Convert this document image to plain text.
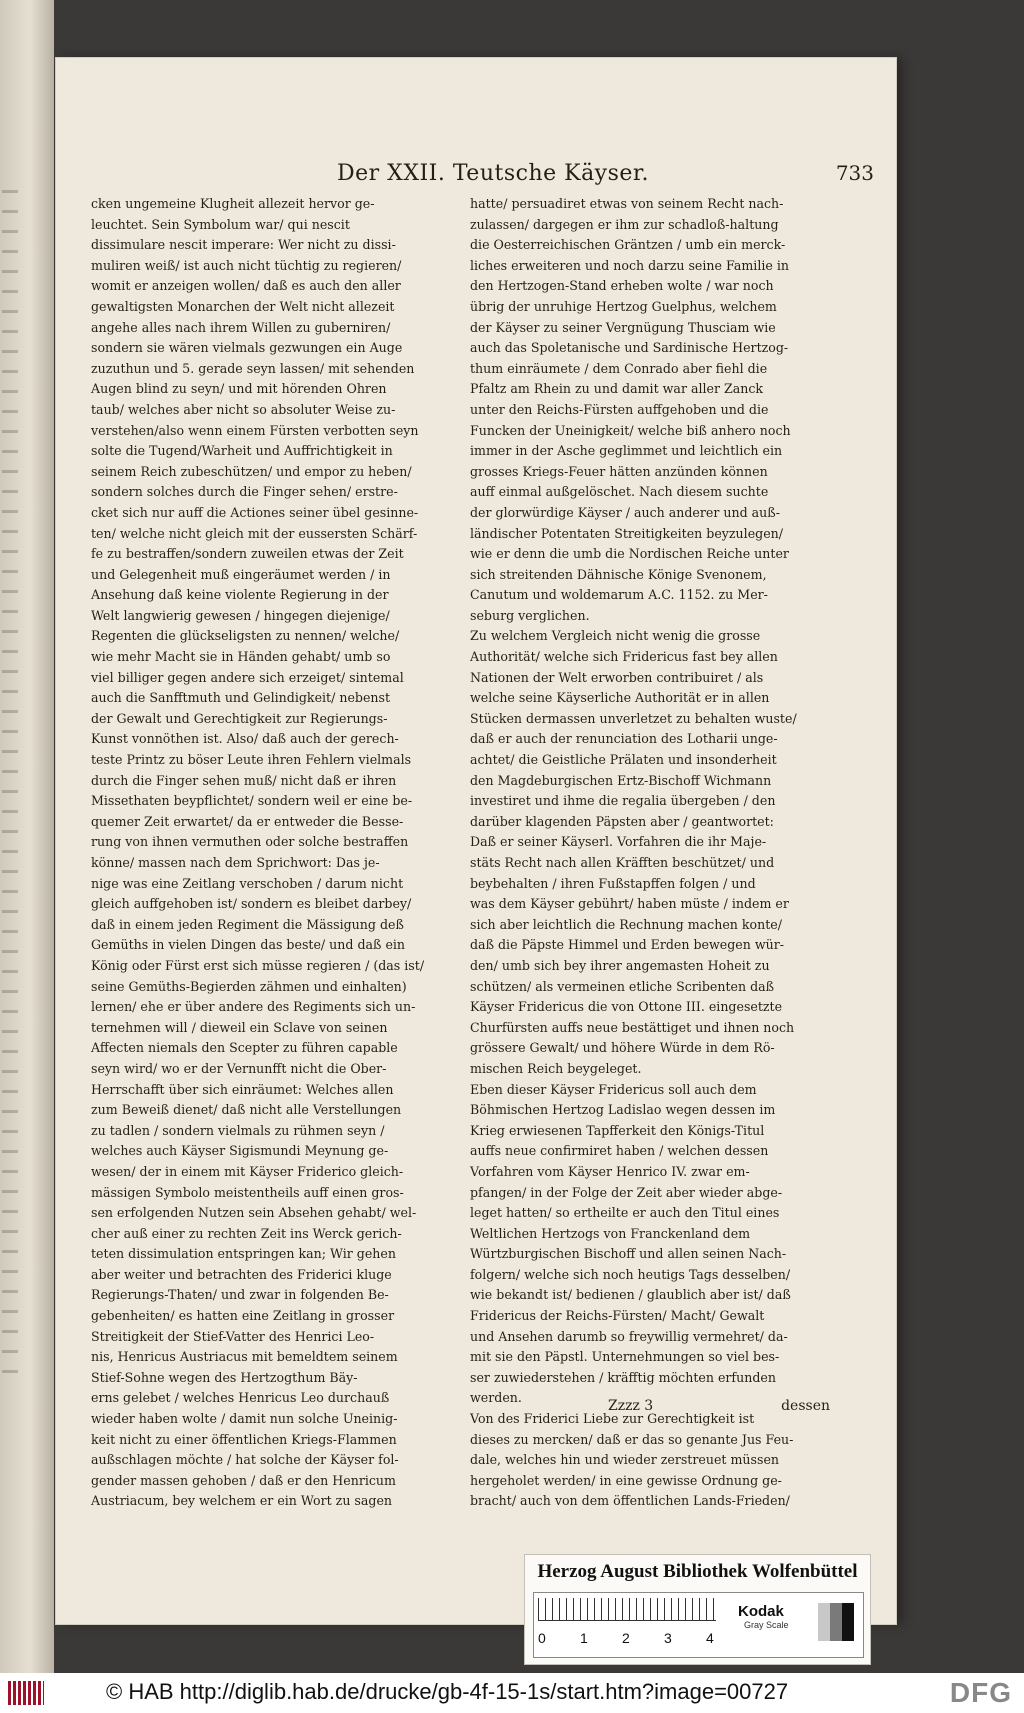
Der XXII. Teutsche Käyser.	733

cken ungemeine Klugheit allezeit hervor ge-

leuchtet. Sein Symbolum war/ qui nescit

dissimulare nescit imperare: Wer nicht zu dissi-

muliren weiß/ ist auch nicht tüchtig zu regieren/

womit er anzeigen wollen/ daß es auch den aller

gewaltigsten Monarchen der Welt nicht allezeit

angehe alles nach ihrem Willen zu guberniren/

sondern sie wären vielmals gezwungen ein Auge

zuzuthun und 5. gerade seyn lassen/ mit sehenden

Augen blind zu seyn/ und mit hörenden Ohren

taub/ welches aber nicht so absoluter Weise zu-

verstehen/also wenn einem Fürsten verbotten seyn

solte die Tugend/Warheit und Auffrichtigkeit in

seinem Reich zubeschützen/ und empor zu heben/

sondern solches durch die Finger sehen/ erstre-

cket sich nur auff die Actiones seiner übel gesinne-

ten/ welche nicht gleich mit der eussersten Schärf-

fe zu bestraffen/sondern zuweilen etwas der Zeit

und Gelegenheit muß eingeräumet werden / in

Ansehung daß keine violente Regierung in der

Welt langwierig gewesen / hingegen diejenige/

Regenten die glückseligsten zu nennen/ welche/

wie mehr Macht sie in Händen gehabt/ umb so

viel billiger gegen andere sich erzeiget/ sintemal

auch die Sanfftmuth und Gelindigkeit/ nebenst

der Gewalt und Gerechtigkeit zur Regierungs-

Kunst vonnöthen ist. Also/ daß auch der gerech-

teste Printz zu böser Leute ihren Fehlern vielmals

durch die Finger sehen muß/ nicht daß er ihren

Missethaten beypflichtet/ sondern weil er eine be-

quemer Zeit erwartet/ da er entweder die Besse-

rung von ihnen vermuthen oder solche bestraffen

könne/ massen nach dem Sprichwort: Das je-

nige was eine Zeitlang verschoben / darum nicht

gleich auffgehoben ist/ sondern es bleibet darbey/

daß in einem jeden Regiment die Mässigung deß

Gemüths in vielen Dingen das beste/ und daß ein

König oder Fürst erst sich müsse regieren / (das ist/

seine Gemüths-Begierden zähmen und einhalten)

lernen/ ehe er über andere des Regiments sich un-

ternehmen will / dieweil ein Sclave von seinen

Affecten niemals den Scepter zu führen capable

seyn wird/ wo er der Vernunfft nicht die Ober-

Herrschafft über sich einräumet: Welches allen

zum Beweiß dienet/ daß nicht alle Verstellungen

zu tadlen / sondern vielmals zu rühmen seyn /

welches auch Käyser Sigismundi Meynung ge-

wesen/ der in einem mit Käyser Friderico gleich-

mässigen Symbolo meistentheils auff einen gros-

sen erfolgenden Nutzen sein Absehen gehabt/ wel-

cher auß einer zu rechten Zeit ins Werck gerich-

teten dissimulation entspringen kan; Wir gehen

aber weiter und betrachten des Friderici kluge

Regierungs-Thaten/ und zwar in folgenden Be-

gebenheiten/ es hatten eine Zeitlang in grosser

Streitigkeit der Stief-Vatter des Henrici Leo-

nis, Henricus Austriacus mit bemeldtem seinem

Stief-Sohne wegen des Hertzogthum Bäy-

erns gelebet / welches Henricus Leo durchauß

wieder haben wolte / damit nun solche Uneinig-

keit nicht zu einer öffentlichen Kriegs-Flammen

außschlagen möchte / hat solche der Käyser fol-

gender massen gehoben / daß er den Henricum

Austriacum, bey welchem er ein Wort zu sagen

hatte/ persuadiret etwas von seinem Recht nach-

zulassen/ dargegen er ihm zur schadloß-haltung

die Oesterreichischen Gräntzen / umb ein merck-

liches erweiteren und noch darzu seine Familie in

den Hertzogen-Stand erheben wolte / war noch

übrig der unruhige Hertzog Guelphus, welchem

der Käyser zu seiner Vergnügung Thusciam wie

auch das Spoletanische und Sardinische Hertzog-

thum einräumete / dem Conrado aber fiehl die

Pfaltz am Rhein zu und damit war aller Zanck

unter den Reichs-Fürsten auffgehoben und die

Funcken der Uneinigkeit/ welche biß anhero noch

immer in der Asche geglimmet und leichtlich ein

grosses Kriegs-Feuer hätten anzünden können

auff einmal außgelöschet. Nach diesem suchte

der glorwürdige Käyser / auch anderer und auß-

ländischer Potentaten Streitigkeiten beyzulegen/

wie er denn die umb die Nordischen Reiche unter

sich streitenden Dähnische Könige Svenonem,

Canutum und woldemarum A.C. 1152. zu Mer-

seburg verglichen.

Zu welchem Vergleich nicht wenig die grosse

Authorität/ welche sich Fridericus fast bey allen

Nationen der Welt erworben contribuiret / als

welche seine Käyserliche Authorität er in allen

Stücken dermassen unverletzet zu behalten wuste/

daß er auch der renunciation des Lotharii unge-

achtet/ die Geistliche Prälaten und insonderheit

den Magdeburgischen Ertz-Bischoff Wichmann

investiret und ihme die regalia übergeben / den

darüber klagenden Päpsten aber / geantwortet:

Daß er seiner Käyserl. Vorfahren die ihr Maje-

stäts Recht nach allen Kräfften beschützet/ und

beybehalten / ihren Fußstapffen folgen / und

was dem Käyser gebührt/ haben müste / indem er

sich aber leichtlich die Rechnung machen konte/

daß die Päpste Himmel und Erden bewegen wür-

den/ umb sich bey ihrer angemasten Hoheit zu

schützen/ als vermeinen etliche Scribenten daß

Käyser Fridericus die von Ottone III. eingesetzte

Churfürsten auffs neue bestättiget und ihnen noch

grössere Gewalt/ und höhere Würde in dem Rö-

mischen Reich beygeleget.

Eben dieser Käyser Fridericus soll auch dem

Böhmischen Hertzog Ladislao wegen dessen im

Krieg erwiesenen Tapfferkeit den Königs-Titul

auffs neue confirmiret haben / welchen dessen

Vorfahren vom Käyser Henrico IV. zwar em-

pfangen/ in der Folge der Zeit aber wieder abge-

leget hatten/ so ertheilte er auch den Titul eines

Weltlichen Hertzogs von Franckenland dem

Würtzburgischen Bischoff und allen seinen Nach-

folgern/ welche sich noch heutigs Tags desselben/

wie bekandt ist/ bedienen / glaublich aber ist/ daß

Fridericus der Reichs-Fürsten/ Macht/ Gewalt

und Ansehen darumb so freywillig vermehret/ da-

mit sie den Päpstl. Unternehmungen so viel bes-

ser zuwiederstehen / kräfftig möchten erfunden

werden.

Von des Friderici Liebe zur Gerechtigkeit ist

dieses zu mercken/ daß er das so genante Jus Feu-

dale, welches hin und wieder zerstreuet müssen

hergeholet werden/ in eine gewisse Ordnung ge-

bracht/ auch von dem öffentlichen Lands-Frieden/

Zzzz 3	dessen
Herzog August Bibliothek Wolfenbüttel
0 1 2 3 4
Kodak
Gray Scale
© HAB http://diglib.hab.de/drucke/gb-4f-15-1s/start.htm?image=00727	DFG
